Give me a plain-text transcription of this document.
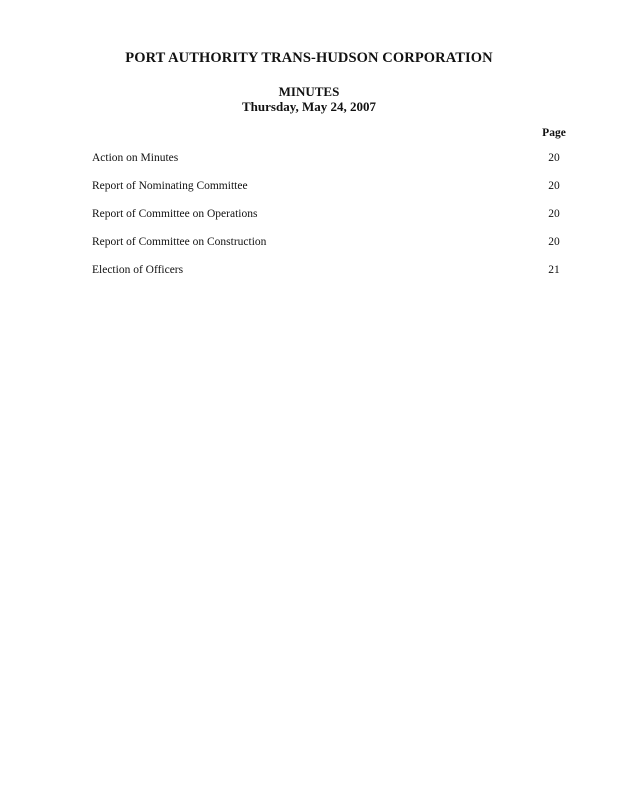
PORT AUTHORITY TRANS-HUDSON CORPORATION
MINUTES
Thursday, May 24, 2007
Page
Action on Minutes	20
Report of Nominating Committee	20
Report of Committee on Operations	20
Report of Committee on Construction	20
Election of Officers	21
